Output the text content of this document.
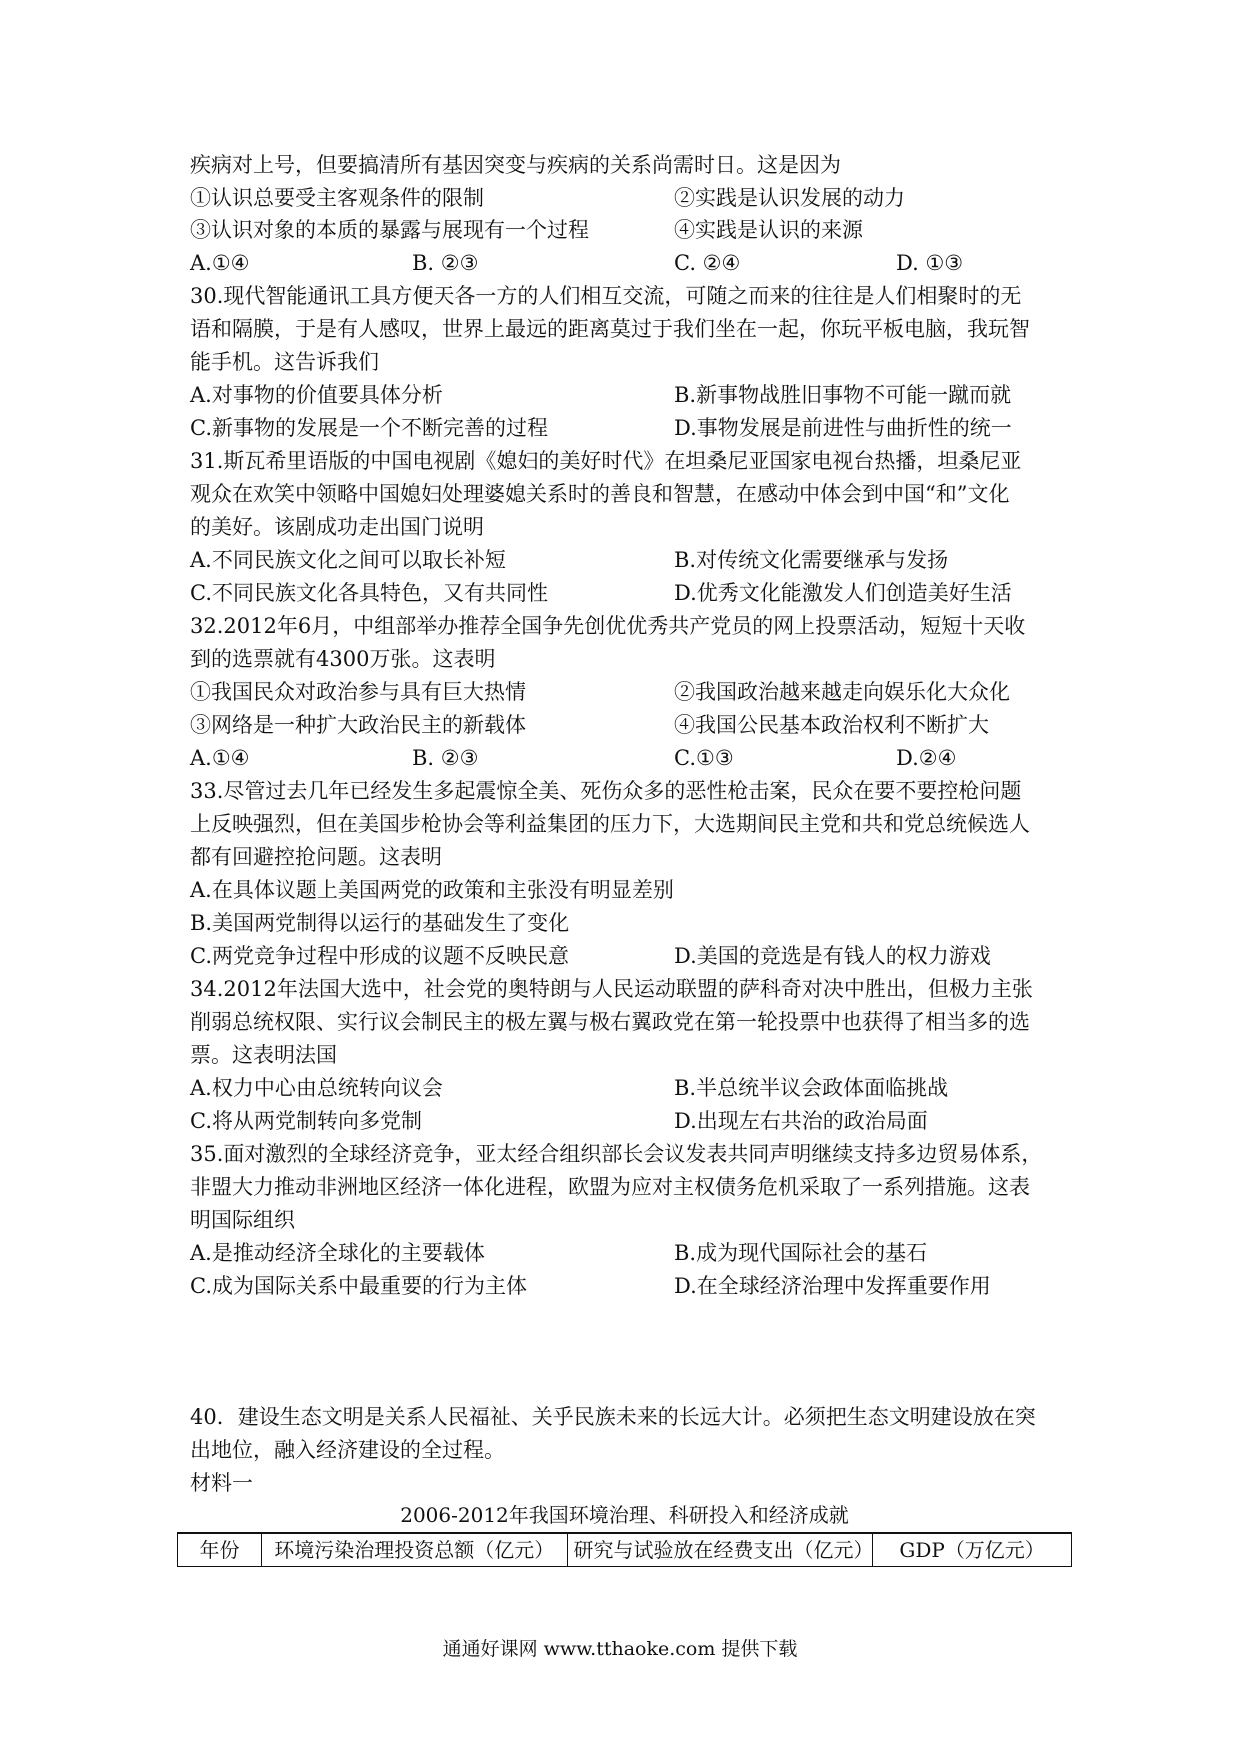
疾病对上号，但要搞清所有基因突变与疾病的关系尚需时日。这是因为
①认识总要受主客观条件的限制	②实践是认识发展的动力
③认识对象的本质的暴露与展现有一个过程	④实践是认识的来源
A.①④	B. ②③	C. ②④	D. ①③
30.现代智能通讯工具方便天各一方的人们相互交流，可随之而来的往往是人们相聚时的无
语和隔膜，于是有人感叹，世界上最远的距离莫过于我们坐在一起，你玩平板电脑，我玩智
能手机。这告诉我们
A.对事物的价值要具体分析	B.新事物战胜旧事物不可能一蹴而就
C.新事物的发展是一个不断完善的过程	D.事物发展是前进性与曲折性的统一
31.斯瓦希里语版的中国电视剧《媳妇的美好时代》在坦桑尼亚国家电视台热播，坦桑尼亚
观众在欢笑中领略中国媳妇处理婆媳关系时的善良和智慧，在感动中体会到中国“和”文化
的美好。该剧成功走出国门说明
A.不同民族文化之间可以取长补短	B.对传统文化需要继承与发扬
C.不同民族文化各具特色，又有共同性	D.优秀文化能激发人们创造美好生活
32.2012年6月，中组部举办推荐全国争先创优优秀共产党员的网上投票活动，短短十天收
到的选票就有4300万张。这表明
①我国民众对政治参与具有巨大热情	②我国政治越来越走向娱乐化大众化
③网络是一种扩大政治民主的新载体	④我国公民基本政治权利不断扩大
A.①④	B. ②③	C.①③	D.②④
33.尽管过去几年已经发生多起震惊全美、死伤众多的恶性枪击案，民众在要不要控枪问题
上反映强烈，但在美国步枪协会等利益集团的压力下，大选期间民主党和共和党总统候选人
都有回避控抢问题。这表明
A.在具体议题上美国两党的政策和主张没有明显差别
B.美国两党制得以运行的基础发生了变化
C.两党竞争过程中形成的议题不反映民意	D.美国的竞选是有钱人的权力游戏
34.2012年法国大选中，社会党的奥特朗与人民运动联盟的萨科奇对决中胜出，但极力主张
削弱总统权限、实行议会制民主的极左翼与极右翼政党在第一轮投票中也获得了相当多的选
票。这表明法国
A.权力中心由总统转向议会	B.半总统半议会政体面临挑战
C.将从两党制转向多党制	D.出现左右共治的政治局面
35.面对激烈的全球经济竞争，亚太经合组织部长会议发表共同声明继续支持多边贸易体系，
非盟大力推动非洲地区经济一体化进程，欧盟为应对主权债务危机采取了一系列措施。这表
明国际组织
A.是推动经济全球化的主要载体	B.成为现代国际社会的基石
C.成为国际关系中最重要的行为主体	D.在全球经济治理中发挥重要作用
40．建设生态文明是关系人民福祉、关乎民族未来的长远大计。必须把生态文明建设放在突
出地位，融入经济建设的全过程。
材料一
2006-2012年我国环境治理、科研投入和经济成就
年份	环境污染治理投资总额（亿元）	研究与试验放在经费支出（亿元）	GDP（万亿元）
通通好课网 www.tthaoke.com 提供下载
